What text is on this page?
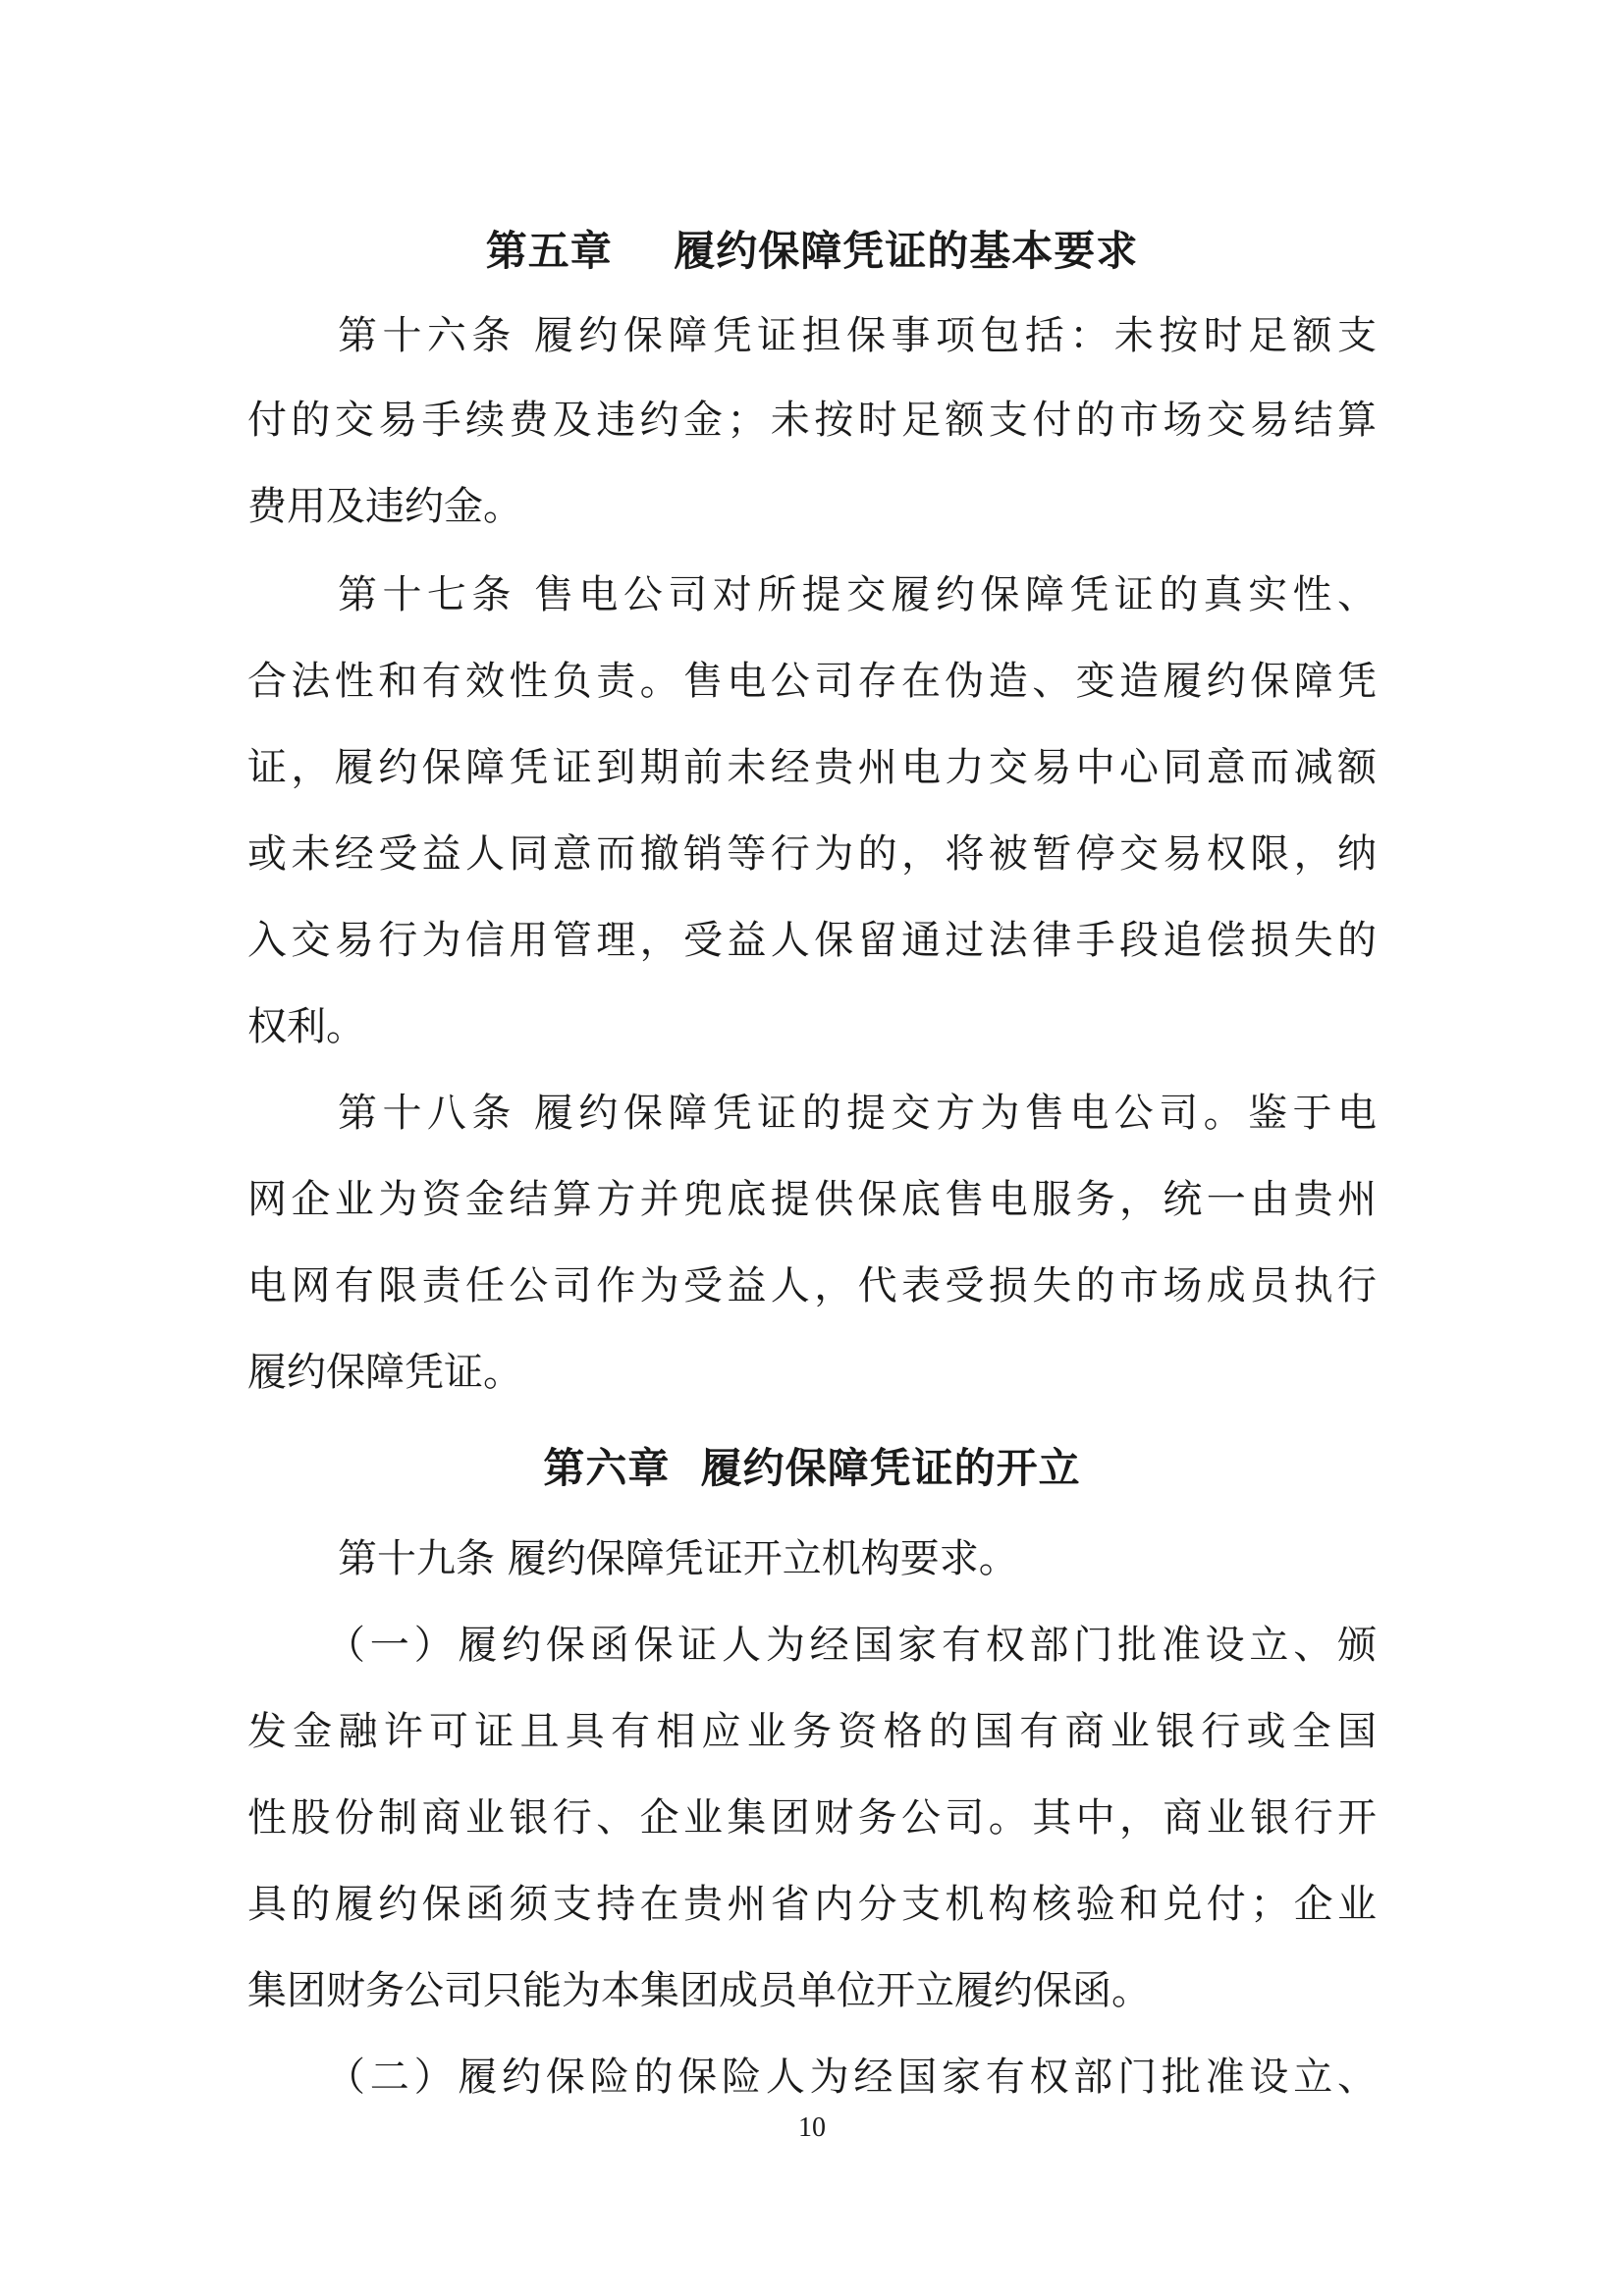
第五章    履约保障凭证的基本要求
第十六条 履约保障凭证担保事项包括：未按时足额支
付的交易手续费及违约金；未按时足额支付的市场交易结算
费用及违约金。
第十七条 售电公司对所提交履约保障凭证的真实性、
合法性和有效性负责。售电公司存在伪造、变造履约保障凭
证，履约保障凭证到期前未经贵州电力交易中心同意而减额
或未经受益人同意而撤销等行为的，将被暂停交易权限，纳
入交易行为信用管理，受益人保留通过法律手段追偿损失的
权利。
第十八条 履约保障凭证的提交方为售电公司。鉴于电
网企业为资金结算方并兜底提供保底售电服务，统一由贵州
电网有限责任公司作为受益人，代表受损失的市场成员执行
履约保障凭证。
第六章  履约保障凭证的开立
第十九条 履约保障凭证开立机构要求。
（一）履约保函保证人为经国家有权部门批准设立、颁
发金融许可证且具有相应业务资格的国有商业银行或全国
性股份制商业银行、企业集团财务公司。其中，商业银行开
具的履约保函须支持在贵州省内分支机构核验和兑付；企业
集团财务公司只能为本集团成员单位开立履约保函。
（二）履约保险的保险人为经国家有权部门批准设立、
10
